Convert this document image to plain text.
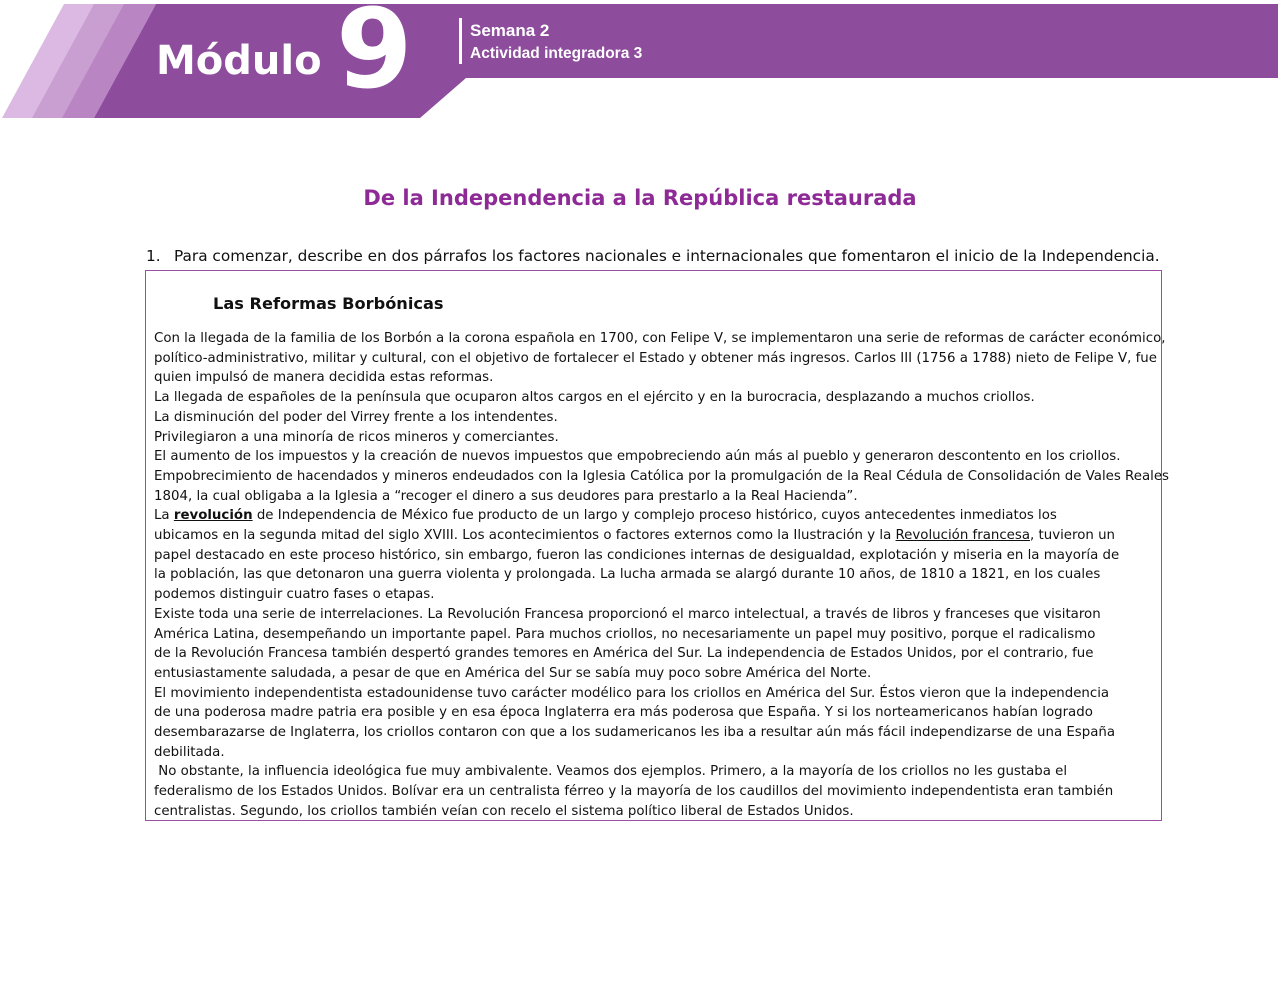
Módulo 9	Semana 2
Actividad integradora 3
De la Independencia a la República restaurada
1. Para comenzar, describe en dos párrafos los factores nacionales e internacionales que fomentaron el inicio de la Independencia.
Las Reformas Borbónicas
Con la llegada de la familia de los Borbón a la corona española en 1700, con Felipe V, se implementaron una serie de reformas de carácter económico,
político-administrativo, militar y cultural, con el objetivo de fortalecer el Estado y obtener más ingresos. Carlos III (1756 a 1788) nieto de Felipe V, fue
quien impulsó de manera decidida estas reformas.
La llegada de españoles de la península que ocuparon altos cargos en el ejército y en la burocracia, desplazando a muchos criollos.
La disminución del poder del Virrey frente a los intendentes.
Privilegiaron a una minoría de ricos mineros y comerciantes.
El aumento de los impuestos y la creación de nuevos impuestos que empobreciendo aún más al pueblo y generaron descontento en los criollos.
Empobrecimiento de hacendados y mineros endeudados con la Iglesia Católica por la promulgación de la Real Cédula de Consolidación de Vales Reales
1804, la cual obligaba a la Iglesia a “recoger el dinero a sus deudores para prestarlo a la Real Hacienda”.
La revolución de Independencia de México fue producto de un largo y complejo proceso histórico, cuyos antecedentes inmediatos los
ubicamos en la segunda mitad del siglo XVIII. Los acontecimientos o factores externos como la Ilustración y la Revolución francesa, tuvieron un
papel destacado en este proceso histórico, sin embargo, fueron las condiciones internas de desigualdad, explotación y miseria en la mayoría de
la población, las que detonaron una guerra violenta y prolongada. La lucha armada se alargó durante 10 años, de 1810 a 1821, en los cuales
podemos distinguir cuatro fases o etapas.
Existe toda una serie de interrelaciones. La Revolución Francesa proporcionó el marco intelectual, a través de libros y franceses que visitaron
América Latina, desempeñando un importante papel. Para muchos criollos, no necesariamente un papel muy positivo, porque el radicalismo
de la Revolución Francesa también despertó grandes temores en América del Sur. La independencia de Estados Unidos, por el contrario, fue
entusiastamente saludada, a pesar de que en América del Sur se sabía muy poco sobre América del Norte.
El movimiento independentista estadounidense tuvo carácter modélico para los criollos en América del Sur. Éstos vieron que la independencia
de una poderosa madre patria era posible y en esa época Inglaterra era más poderosa que España. Y si los norteamericanos habían logrado
desembarazarse de Inglaterra, los criollos contaron con que a los sudamericanos les iba a resultar aún más fácil independizarse de una España
debilitada.
No obstante, la influencia ideológica fue muy ambivalente. Veamos dos ejemplos. Primero, a la mayoría de los criollos no les gustaba el
federalismo de los Estados Unidos. Bolívar era un centralista férreo y la mayoría de los caudillos del movimiento independentista eran también
centralistas. Segundo, los criollos también veían con recelo el sistema político liberal de Estados Unidos.
